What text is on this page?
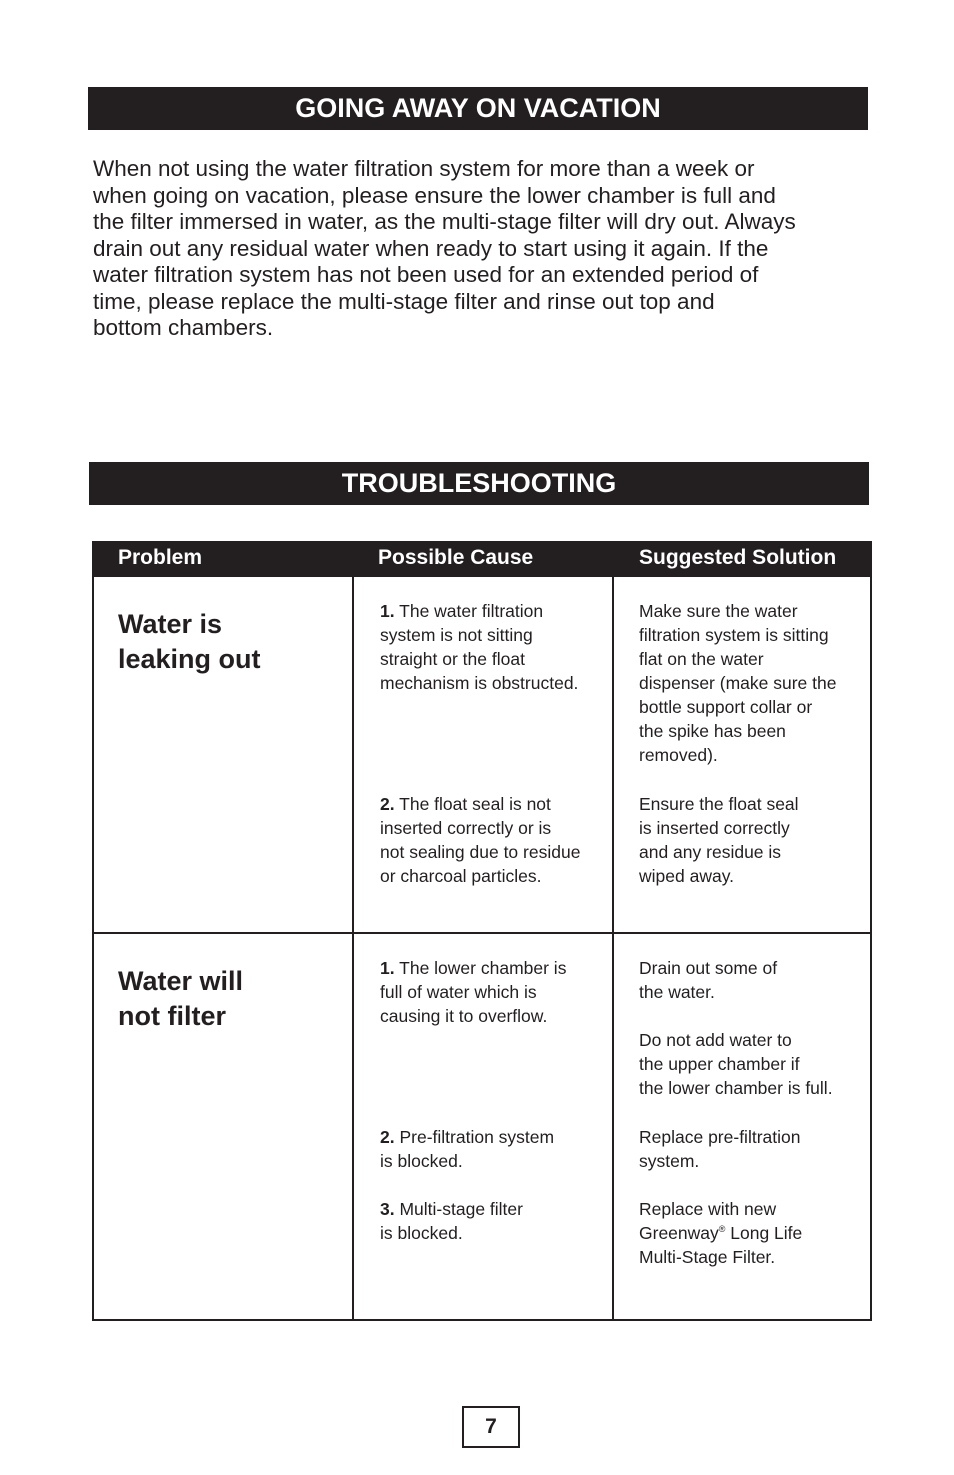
GOING AWAY ON VACATION

When not using the water filtration system for more than a week or
when going on vacation, please ensure the lower chamber is full and
the filter immersed in water, as the multi-stage filter will dry out. Always
drain out any residual water when ready to start using it again. If the
water filtration system has not been used for an extended period of
time, please replace the multi-stage filter and rinse out top and
bottom chambers.

TROUBLESHOOTING
Problem	Possible Cause	Suggested Solution
Water is
leaking out
1. The water filtration
system is not sitting
straight or the float
mechanism is obstructed.
Make sure the water
filtration system is sitting
flat on the water
dispenser (make sure the
bottle support collar or
the spike has been
removed).
2. The float seal is not
inserted correctly or is
not sealing due to residue
or charcoal particles.
Ensure the float seal
is inserted correctly
and any residue is
wiped away.
Water will
not filter
1. The lower chamber is
full of water which is
causing it to overflow.
Drain out some of
the water.

Do not add water to
the upper chamber if
the lower chamber is full.
2. Pre-filtration system
is blocked.
Replace pre-filtration
system.
3. Multi-stage filter
is blocked.
Replace with new
Greenway® Long Life
Multi-Stage Filter.
7
